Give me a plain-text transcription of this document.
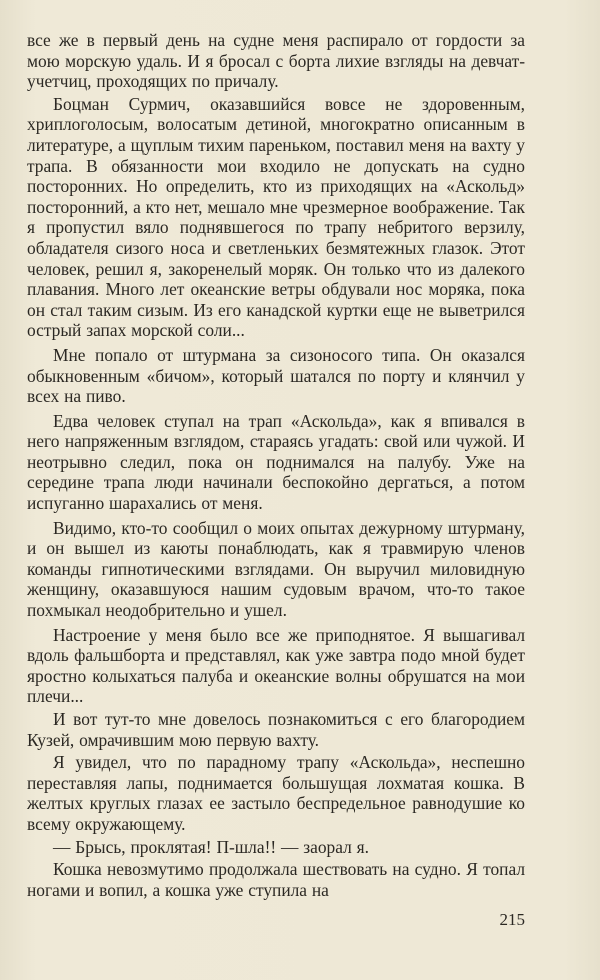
все же в первый день на судне меня распирало от гордости за мою морскую удаль. И я бросал с борта лихие взгляды на девчат-учетчиц, проходящих по причалу.

Боцман Сурмич, оказавшийся вовсе не здоровенным, хриплоголосым, волосатым детиной, многократно описанным в литературе, а щуплым тихим пареньком, поставил меня на вахту у трапа. В обязанности мои входило не допускать на судно посторонних. Но определить, кто из приходящих на «Аскольд» посторонний, а кто нет, мешало мне чрезмерное воображение. Так я пропустил вяло поднявшегося по трапу небритого верзилу, обладателя сизого носа и светленьких безмятежных глазок. Этот человек, решил я, закоренелый моряк. Он только что из далекого плавания. Много лет океанские ветры обдували нос моряка, пока он стал таким сизым. Из его канадской куртки еще не выветрился острый запах морской соли...

Мне попало от штурмана за сизоносого типа. Он оказался обыкновенным «бичом», который шатался по порту и клянчил у всех на пиво.

Едва человек ступал на трап «Аскольда», как я впивался в него напряженным взглядом, стараясь угадать: свой или чужой. И неотрывно следил, пока он поднимался на палубу. Уже на середине трапа люди начинали беспокойно дергаться, а потом испуганно шарахались от меня.

Видимо, кто-то сообщил о моих опытах дежурному штурману, и он вышел из каюты понаблюдать, как я травмирую членов команды гипнотическими взглядами. Он выручил миловидную женщину, оказавшуюся нашим судовым врачом, что-то такое похмыкал неодобрительно и ушел.

Настроение у меня было все же приподнятое. Я вышагивал вдоль фальшборта и представлял, как уже завтра подо мной будет яростно колыхаться палуба и океанские волны обрушатся на мои плечи...

И вот тут-то мне довелось познакомиться с его благородием Кузей, омрачившим мою первую вахту.

Я увидел, что по парадному трапу «Аскольда», неспешно переставляя лапы, поднимается большущая лохматая кошка. В желтых круглых глазах ее застыло беспредельное равнодушие ко всему окружающему.

— Брысь, проклятая! П-шла!! — заорал я.

Кошка невозмутимо продолжала шествовать на судно. Я топал ногами и вопил, а кошка уже ступила на

215
